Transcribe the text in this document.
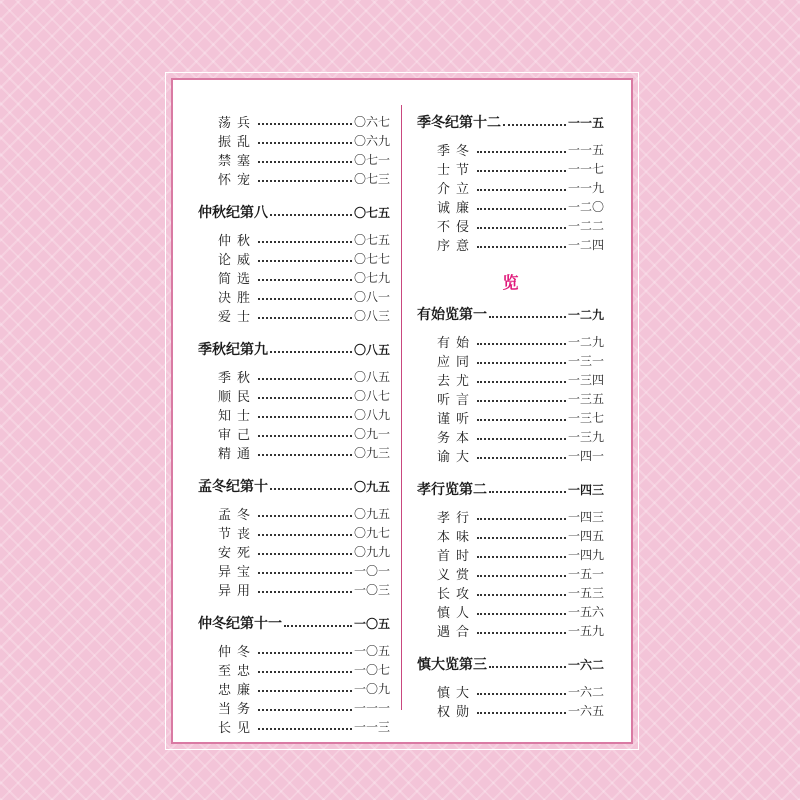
荡兵	〇六七
振乱	〇六九
禁塞	〇七一
怀宠	〇七三
仲秋纪第八	〇七五
仲秋	〇七五
论威	〇七七
简选	〇七九
决胜	〇八一
爱士	〇八三
季秋纪第九	〇八五
季秋	〇八五
顺民	〇八七
知士	〇八九
审己	〇九一
精通	〇九三
孟冬纪第十	〇九五
孟冬	〇九五
节丧	〇九七
安死	〇九九
异宝	一〇一
异用	一〇三
仲冬纪第十一	一〇五
仲冬	一〇五
至忠	一〇七
忠廉	一〇九
当务	一一一
长见	一一三
季冬纪第十二	一一五
季冬	一一五
士节	一一七
介立	一一九
诚廉	一二〇
不侵	一二二
序意	一二四
览
有始览第一	一二九
有始	一二九
应同	一三一
去尤	一三四
听言	一三五
谨听	一三七
务本	一三九
谕大	一四一
孝行览第二	一四三
孝行	一四三
本味	一四五
首时	一四九
义赏	一五一
长攻	一五三
慎人	一五六
遇合	一五九
慎大览第三	一六二
慎大	一六二
权勋	一六五
